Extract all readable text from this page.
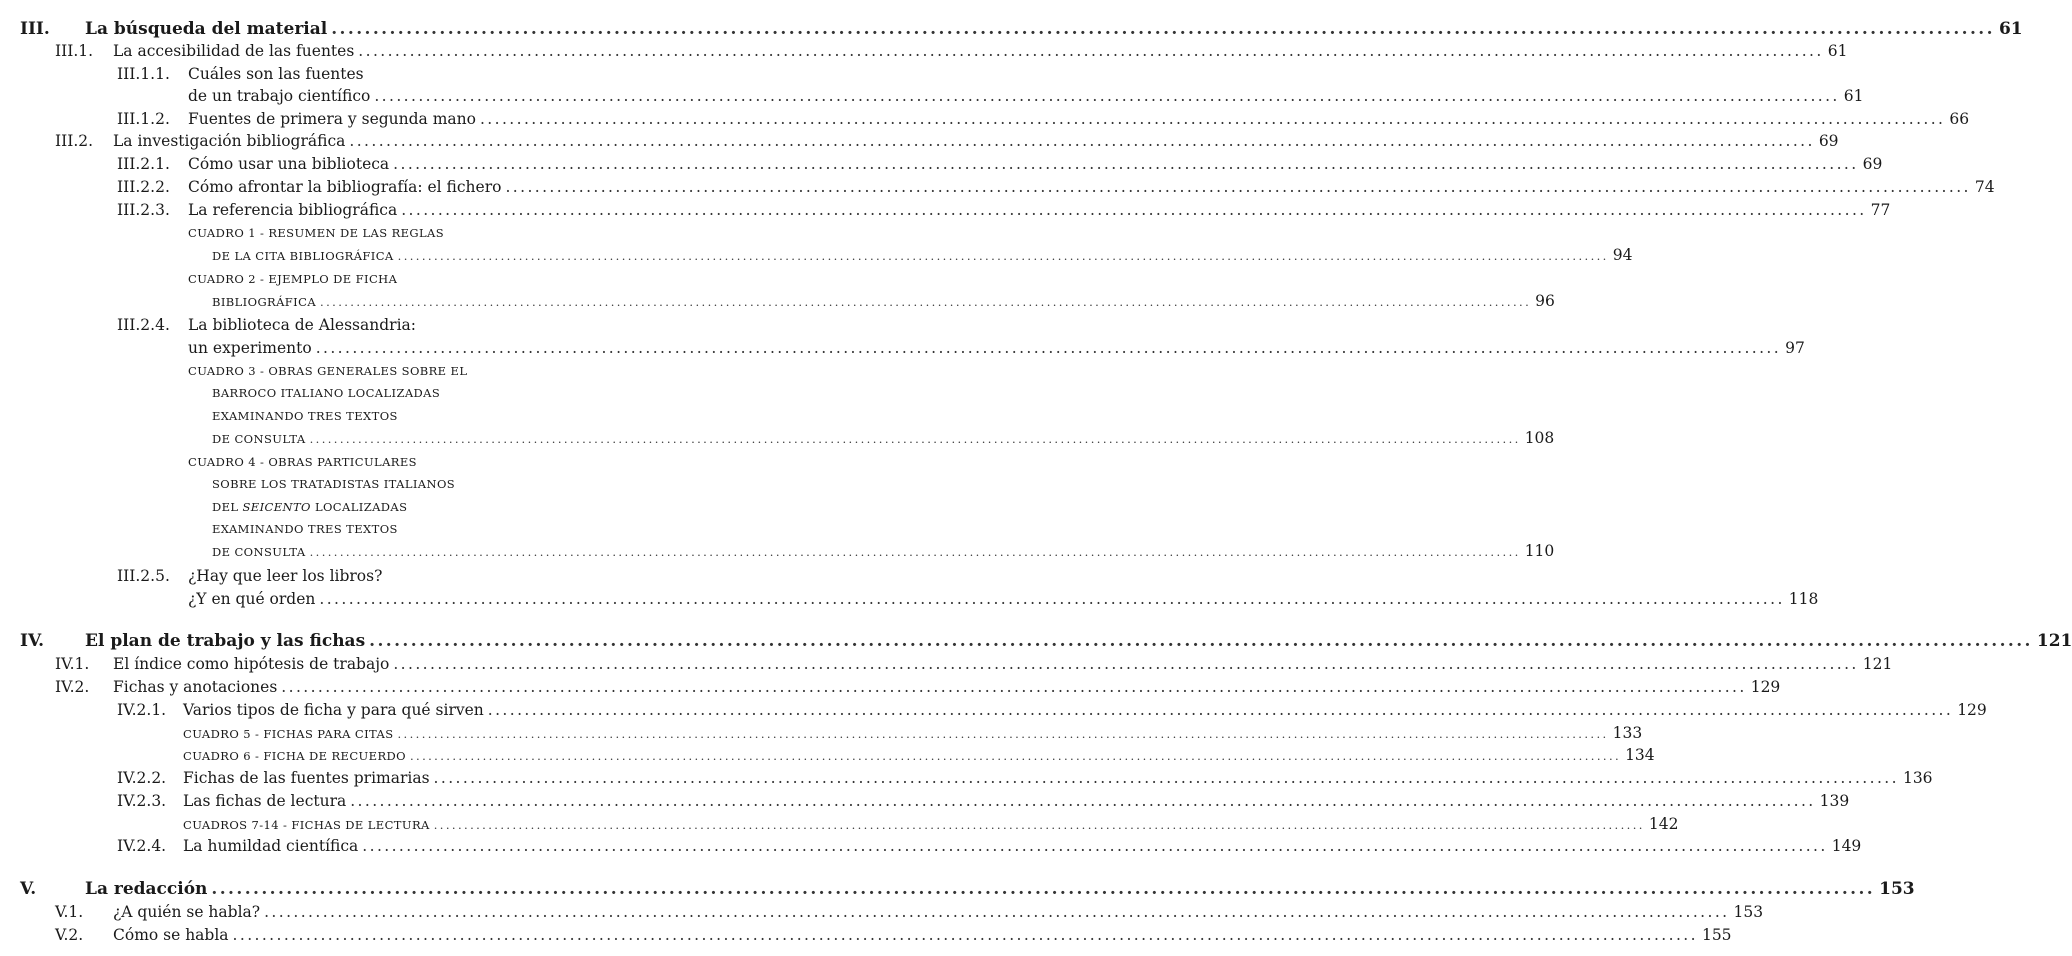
III. La búsqueda del material ........................................................................................................................................................................................................ 61
III.1. La accesibilidad de las fuentes ........................................................................................................................................................................................................ 61
III.1.1. Cuáles son las fuentes
de un trabajo científico ........................................................................................................................................................................................................ 61
III.1.2. Fuentes de primera y segunda mano ........................................................................................................................................................................................................ 66
III.2. La investigación bibliográfica ........................................................................................................................................................................................................ 69
III.2.1. Cómo usar una biblioteca ........................................................................................................................................................................................................ 69
III.2.2. Cómo afrontar la bibliografía: el fichero ........................................................................................................................................................................................................ 74
III.2.3. La referencia bibliográfica ........................................................................................................................................................................................................ 77
CUADRO 1 - RESUMEN DE LAS REGLAS
DE LA CITA BIBLIOGRÁFICA ........................................................................................................................................................................................................ 94
CUADRO 2 - EJEMPLO DE FICHA
BIBLIOGRÁFICA ........................................................................................................................................................................................................ 96
III.2.4. La biblioteca de Alessandria:
un experimento ........................................................................................................................................................................................................ 97
CUADRO 3 - OBRAS GENERALES SOBRE EL
BARROCO ITALIANO LOCALIZADAS
EXAMINANDO TRES TEXTOS
DE CONSULTA ........................................................................................................................................................................................................ 108
CUADRO 4 - OBRAS PARTICULARES
SOBRE LOS TRATADISTAS ITALIANOS
DEL SEICENTO LOCALIZADAS
EXAMINANDO TRES TEXTOS
DE CONSULTA ........................................................................................................................................................................................................ 110
III.2.5. ¿Hay que leer los libros?
¿Y en qué orden ........................................................................................................................................................................................................ 118
IV. El plan de trabajo y las fichas ........................................................................................................................................................................................................ 121
IV.1. El índice como hipótesis de trabajo ........................................................................................................................................................................................................ 121
IV.2. Fichas y anotaciones ........................................................................................................................................................................................................ 129
IV.2.1. Varios tipos de ficha y para qué sirven ........................................................................................................................................................................................................ 129
CUADRO 5 - FICHAS PARA CITAS ........................................................................................................................................................................................................ 133
CUADRO 6 - FICHA DE RECUERDO ........................................................................................................................................................................................................ 134
IV.2.2. Fichas de las fuentes primarias ........................................................................................................................................................................................................ 136
IV.2.3. Las fichas de lectura ........................................................................................................................................................................................................ 139
CUADROS 7-14 - FICHAS DE LECTURA ........................................................................................................................................................................................................ 142
IV.2.4. La humildad científica ........................................................................................................................................................................................................ 149
V.	La redacción ........................................................................................................................................................................................................ 153
V.1. ¿A quién se habla? ........................................................................................................................................................................................................ 153
V.2. Cómo se habla ........................................................................................................................................................................................................ 155
